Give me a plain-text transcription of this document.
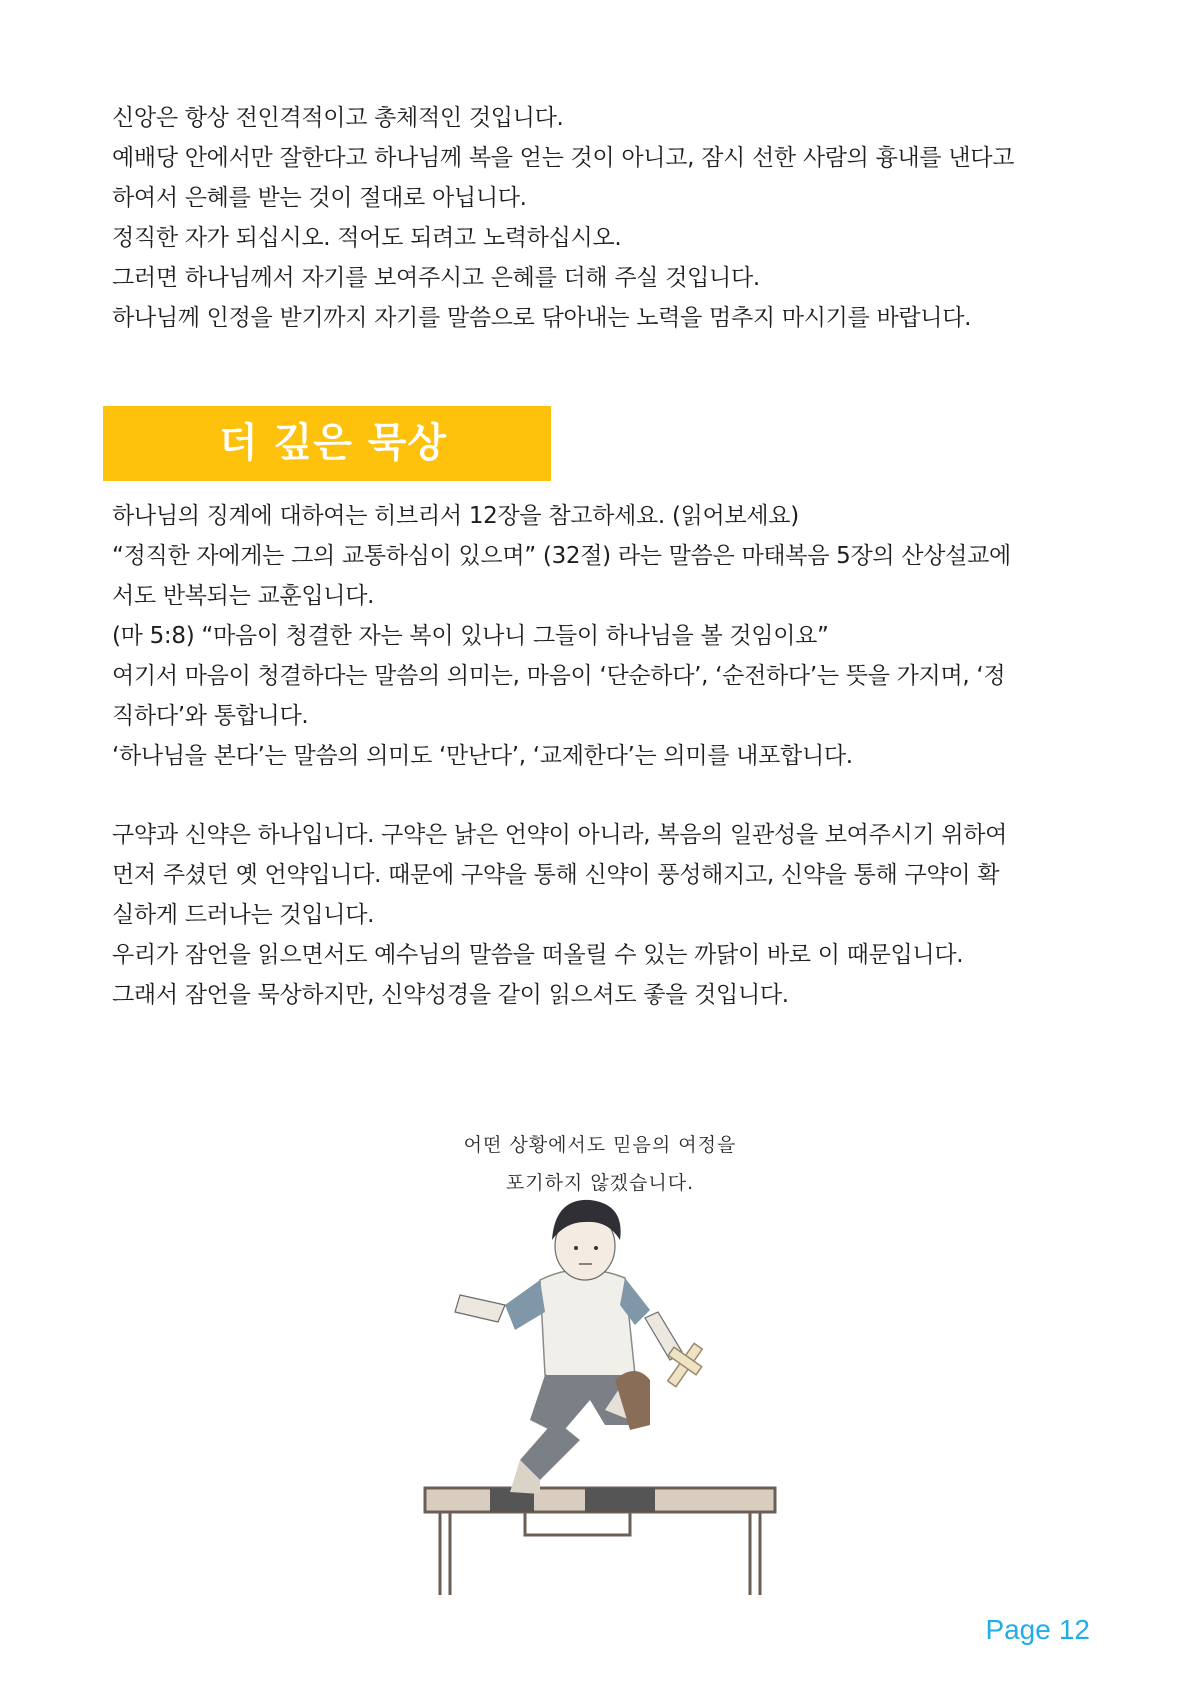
신앙은 항상 전인격적이고 총체적인 것입니다.
예배당 안에서만 잘한다고 하나님께 복을 얻는 것이 아니고, 잠시 선한 사람의 흉내를 낸다고
하여서 은혜를 받는 것이 절대로 아닙니다.
정직한 자가 되십시오. 적어도 되려고 노력하십시오.
그러면 하나님께서 자기를 보여주시고 은혜를 더해 주실 것입니다.
하나님께 인정을 받기까지 자기를 말씀으로 닦아내는 노력을 멈추지 마시기를 바랍니다.
더 깊은 묵상
하나님의 징계에 대하여는 히브리서 12장을 참고하세요. (읽어보세요)
“정직한 자에게는 그의 교통하심이 있으며” (32절) 라는 말씀은 마태복음 5장의 산상설교에
서도 반복되는 교훈입니다.
(마 5:8) “마음이 청결한 자는 복이 있나니 그들이 하나님을 볼 것임이요”
여기서 마음이 청결하다는 말씀의 의미는, 마음이 ‘단순하다’, ‘순전하다’는 뜻을 가지며, ‘정
직하다’와 통합니다.
‘하나님을 본다’는 말씀의 의미도 ‘만난다’, ‘교제한다’는 의미를 내포합니다.
구약과 신약은 하나입니다. 구약은 낡은 언약이 아니라, 복음의 일관성을 보여주시기 위하여
먼저 주셨던 옛 언약입니다. 때문에 구약을 통해 신약이 풍성해지고, 신약을 통해 구약이 확
실하게 드러나는 것입니다.
우리가 잠언을 읽으면서도 예수님의 말씀을 떠올릴 수 있는 까닭이 바로 이 때문입니다.
그래서 잠언을 묵상하지만, 신약성경을 같이 읽으셔도 좋을 것입니다.
어떤 상황에서도 믿음의 여정을
포기하지 않겠습니다.
Page 12
